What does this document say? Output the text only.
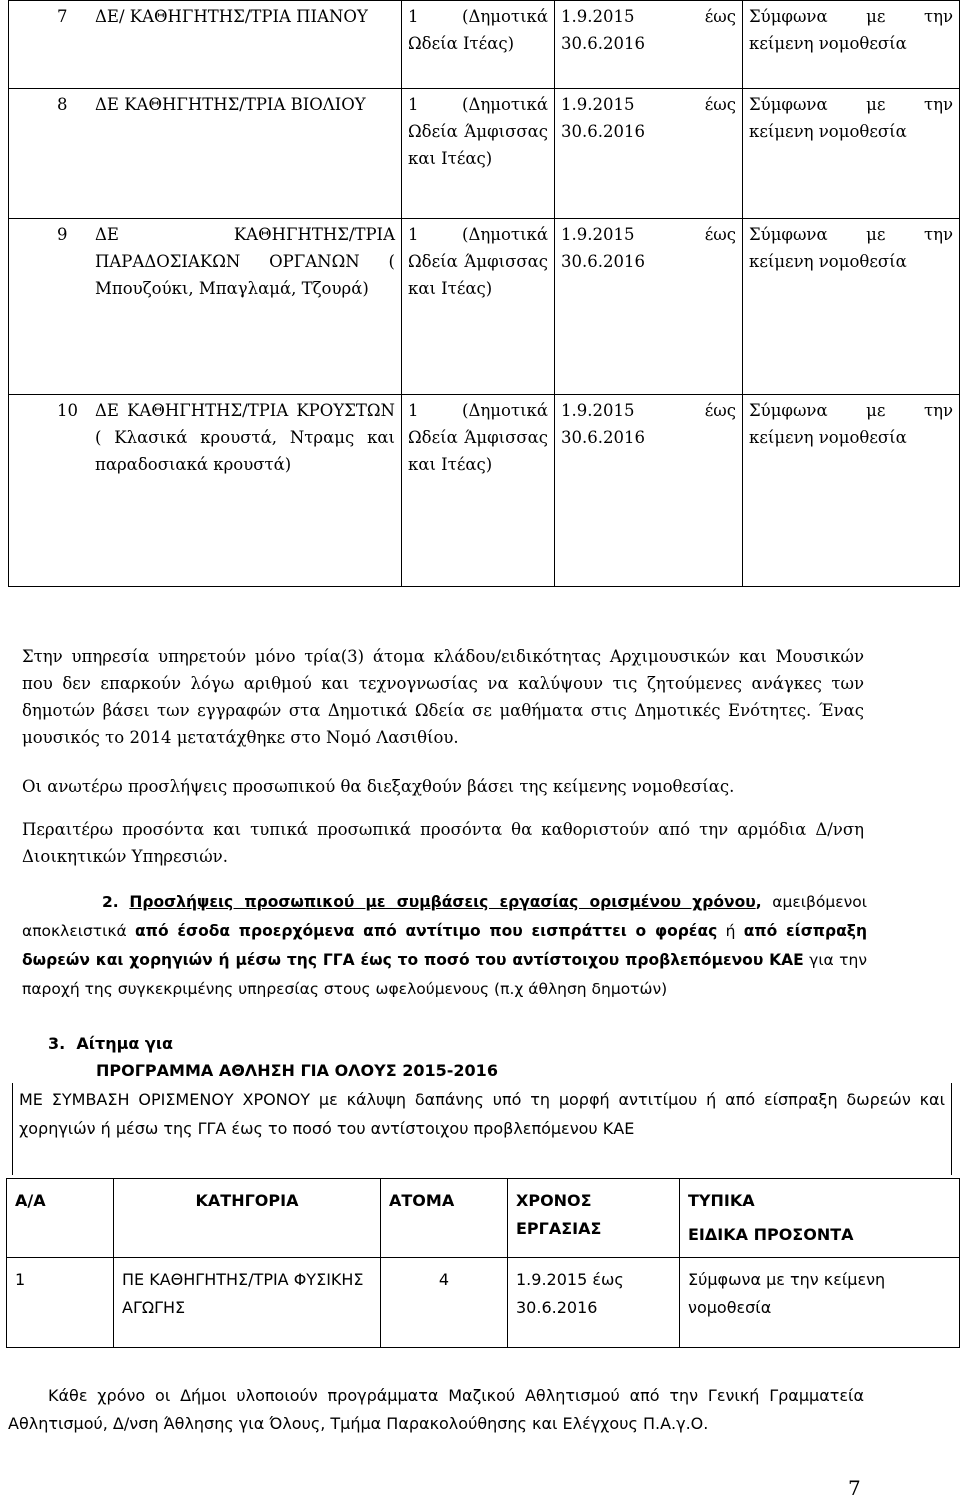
7	ΔΕ/ ΚΑΘΗΓΗΤΗΣ/ΤΡΙΑ ΠΙΑΝΟΥ	1 (Δημοτικά Ωδεία Ιτέας)	1.9.2015 έως 30.6.2016	Σύμφωνα με την κείμενη νομοθεσία
8	ΔΕ ΚΑΘΗΓΗΤΗΣ/ΤΡΙΑ ΒΙΟΛΙΟΥ	1 (Δημοτικά Ωδεία Άμφισσας και Ιτέας)	1.9.2015 έως 30.6.2016	Σύμφωνα με την κείμενη νομοθεσία
9	ΔΕ ΚΑΘΗΓΗΤΗΣ/ΤΡΙΑ ΠΑΡΑΔΟΣΙΑΚΩΝ ΟΡΓΑΝΩΝ ( Μπουζούκι, Μπαγλαμά, Τζουρά)	1 (Δημοτικά Ωδεία Άμφισσας και Ιτέας)	1.9.2015 έως 30.6.2016	Σύμφωνα με την κείμενη νομοθεσία
10	ΔΕ ΚΑΘΗΓΗΤΗΣ/ΤΡΙΑ ΚΡΟΥΣΤΩΝ ( Κλασικά κρουστά, Ντραμς και παραδοσιακά κρουστά)	1 (Δημοτικά Ωδεία Άμφισσας και Ιτέας)	1.9.2015 έως 30.6.2016	Σύμφωνα με την κείμενη νομοθεσία
Στην υπηρεσία υπηρετούν μόνο τρία(3) άτομα κλάδου/ειδικότητας Αρχιμουσικών και Μουσικών που δεν επαρκούν λόγω αριθμού και τεχνογνωσίας να καλύψουν τις ζητούμενες ανάγκες των δημοτών βάσει των εγγραφών στα Δημοτικά Ωδεία σε μαθήματα στις Δημοτικές Ενότητες. Ένας μουσικός το 2014 μετατάχθηκε στο Νομό Λασιθίου.
Οι ανωτέρω προσλήψεις προσωπικού θα διεξαχθούν βάσει της κείμενης νομοθεσίας.
Περαιτέρω προσόντα και τυπικά προσωπικά προσόντα θα καθοριστούν από την αρμόδια Δ/νση Διοικητικών Υπηρεσιών.
2. Προσλήψεις προσωπικού με συμβάσεις εργασίας ορισμένου χρόνου, αμειβόμενοι αποκλειστικά από έσοδα προερχόμενα από αντίτιμο που εισπράττει ο φορέας ή από είσπραξη δωρεών και χορηγιών ή μέσω της ΓΓΑ έως το ποσό του αντίστοιχου προβλεπόμενου ΚΑΕ για την παροχή της συγκεκριμένης υπηρεσίας στους ωφελούμενους (π.χ άθληση δημοτών)
3. Αίτημα για
ΠΡΟΓΡΑΜΜΑ ΑΘΛΗΣΗ ΓΙΑ ΟΛΟΥΣ 2015-2016
ΜΕ ΣΥΜΒΑΣΗ ΟΡΙΣΜΕΝΟΥ ΧΡΟΝΟΥ με κάλυψη δαπάνης υπό τη μορφή αντιτίμου ή από είσπραξη δωρεών και χορηγιών ή μέσω της ΓΓΑ έως το ποσό του αντίστοιχου προβλεπόμενου ΚΑΕ
Α/Α	ΚΑΤΗΓΟΡΙΑ	ΑΤΟΜΑ	ΧΡΟΝΟΣ ΕΡΓΑΣΙΑΣ	ΤΥΠΙΚΑ
ΕΙΔΙΚΑ ΠΡΟΣΟΝΤΑ

1	ΠΕ ΚΑΘΗΓΗΤΗΣ/ΤΡΙΑ ΦΥΣΙΚΗΣ ΑΓΩΓΗΣ	4	1.9.2015 έως 30.6.2016	Σύμφωνα με την κείμενη νομοθεσία
Κάθε χρόνο οι Δήμοι υλοποιούν προγράμματα Μαζικού Αθλητισμού από την Γενική Γραμματεία Αθλητισμού, Δ/νση Άθλησης για Όλους, Τμήμα Παρακολούθησης και Ελέγχους Π.Α.γ.Ο.
7
